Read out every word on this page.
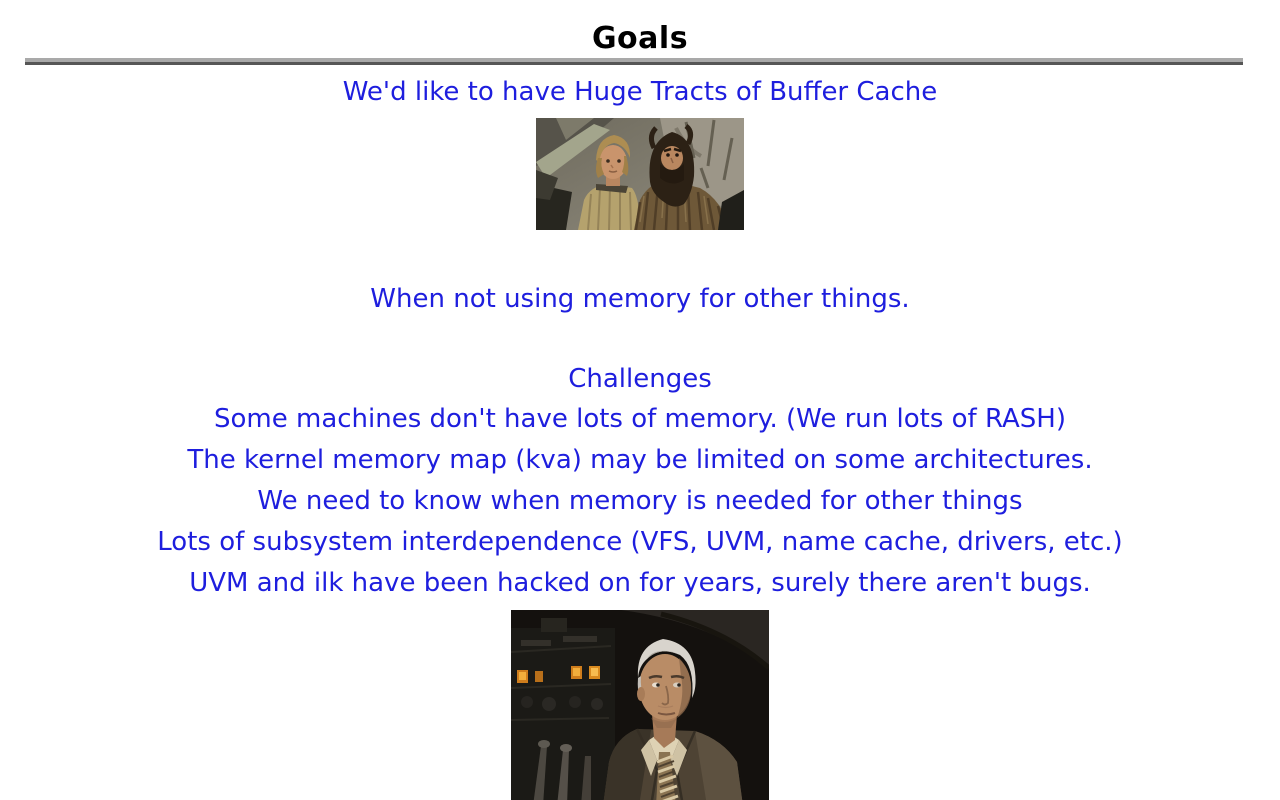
Goals
We'd like to have Huge Tracts of Buffer Cache
When not using memory for other things.
Challenges
Some machines don't have lots of memory. (We run lots of RASH)
The kernel memory map (kva) may be limited on some architectures.
We need to know when memory is needed for other things
Lots of subsystem interdependence (VFS, UVM, name cache, drivers, etc.)
UVM and ilk have been hacked on for years, surely there aren't bugs.
